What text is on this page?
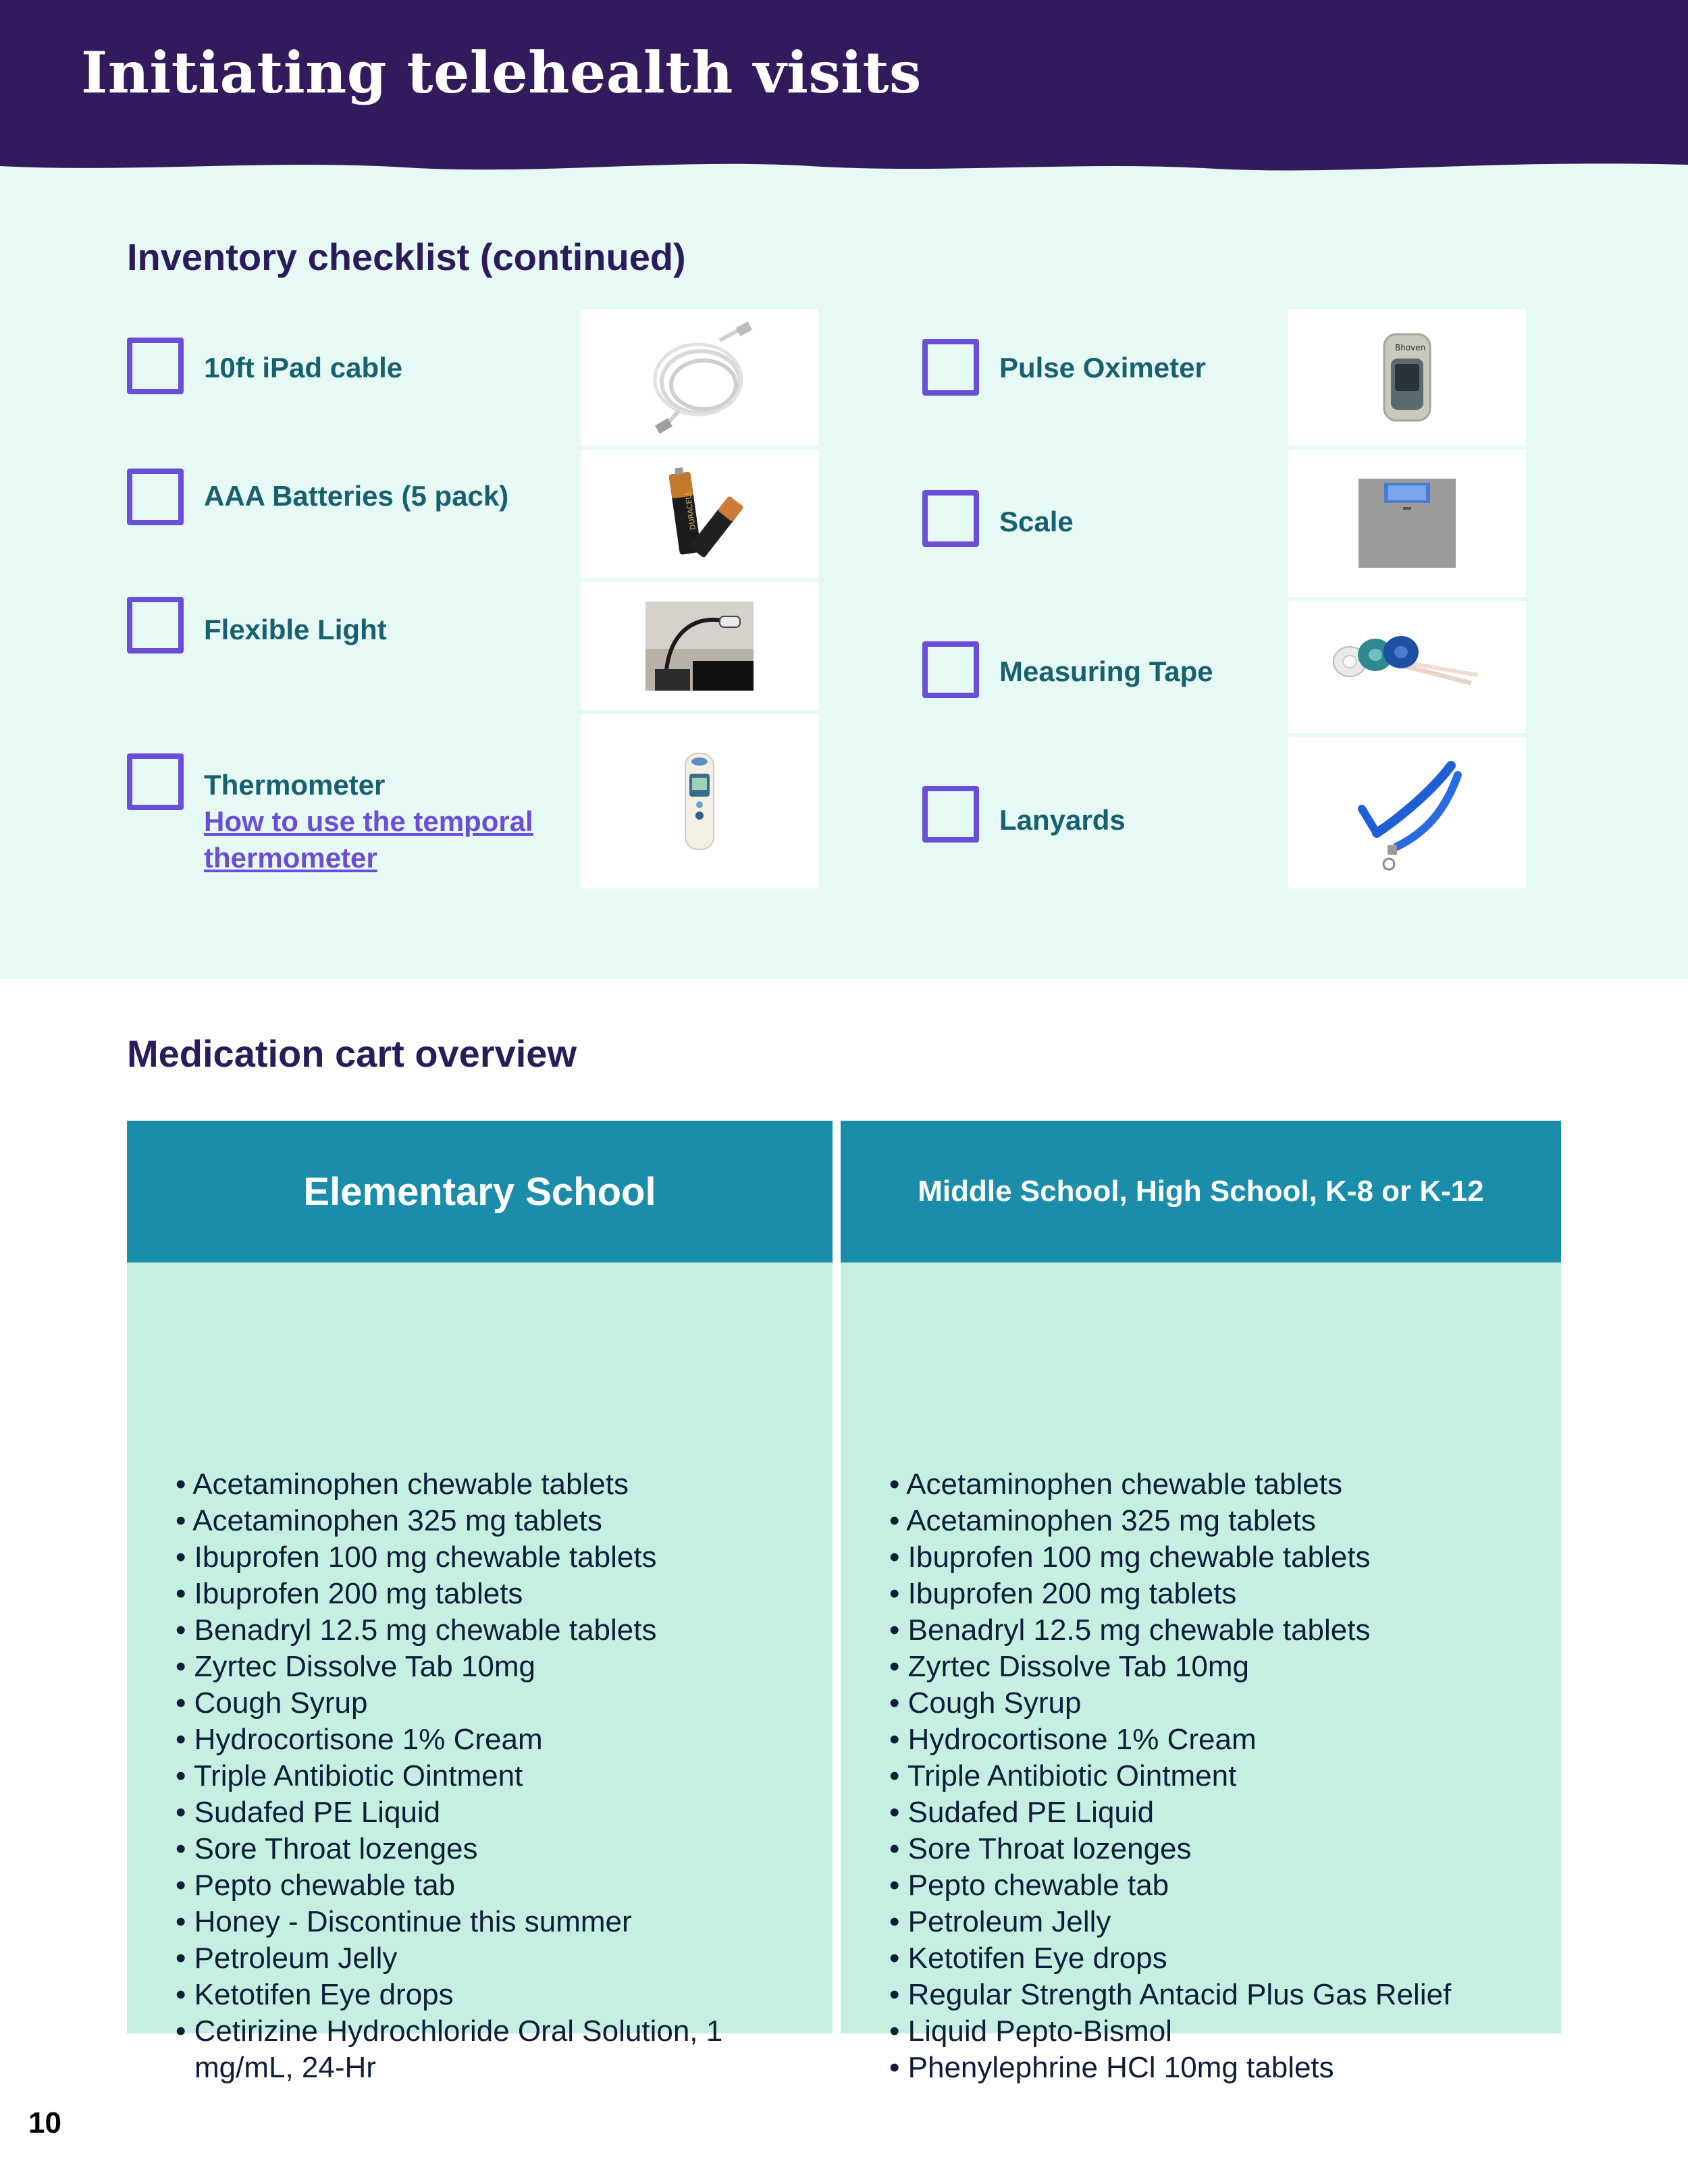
Initiating telehealth visits
Inventory checklist (continued)
10ft iPad cable
AAA Batteries (5 pack)
Flexible Light
Thermometer
How to use the temporal thermometer
Pulse Oximeter
Scale
Measuring Tape
Lanyards
DURACELL
Bhoven
Medication cart overview
Elementary School
• Acetaminophen chewable tablets
• Acetaminophen 325 mg tablets
• Ibuprofen 100 mg chewable tablets
• Ibuprofen 200 mg tablets
• Benadryl 12.5 mg chewable tablets
• Zyrtec Dissolve Tab 10mg
• Cough Syrup
• Hydrocortisone 1% Cream
• Triple Antibiotic Ointment
• Sudafed PE Liquid
• Sore Throat lozenges
• Pepto chewable tab
• Honey - Discontinue this summer
• Petroleum Jelly
• Ketotifen Eye drops
• Cetirizine Hydrochloride Oral Solution, 1 mg/mL, 24-Hr
Middle School, High School, K-8 or K-12
• Acetaminophen chewable tablets
• Acetaminophen 325 mg tablets
• Ibuprofen 100 mg chewable tablets
• Ibuprofen 200 mg tablets
• Benadryl 12.5 mg chewable tablets
• Zyrtec Dissolve Tab 10mg
• Cough Syrup
• Hydrocortisone 1% Cream
• Triple Antibiotic Ointment
• Sudafed PE Liquid
• Sore Throat lozenges
• Pepto chewable tab
• Petroleum Jelly
• Ketotifen Eye drops
• Regular Strength Antacid Plus Gas Relief
• Liquid Pepto-Bismol
• Phenylephrine HCl 10mg tablets
10
